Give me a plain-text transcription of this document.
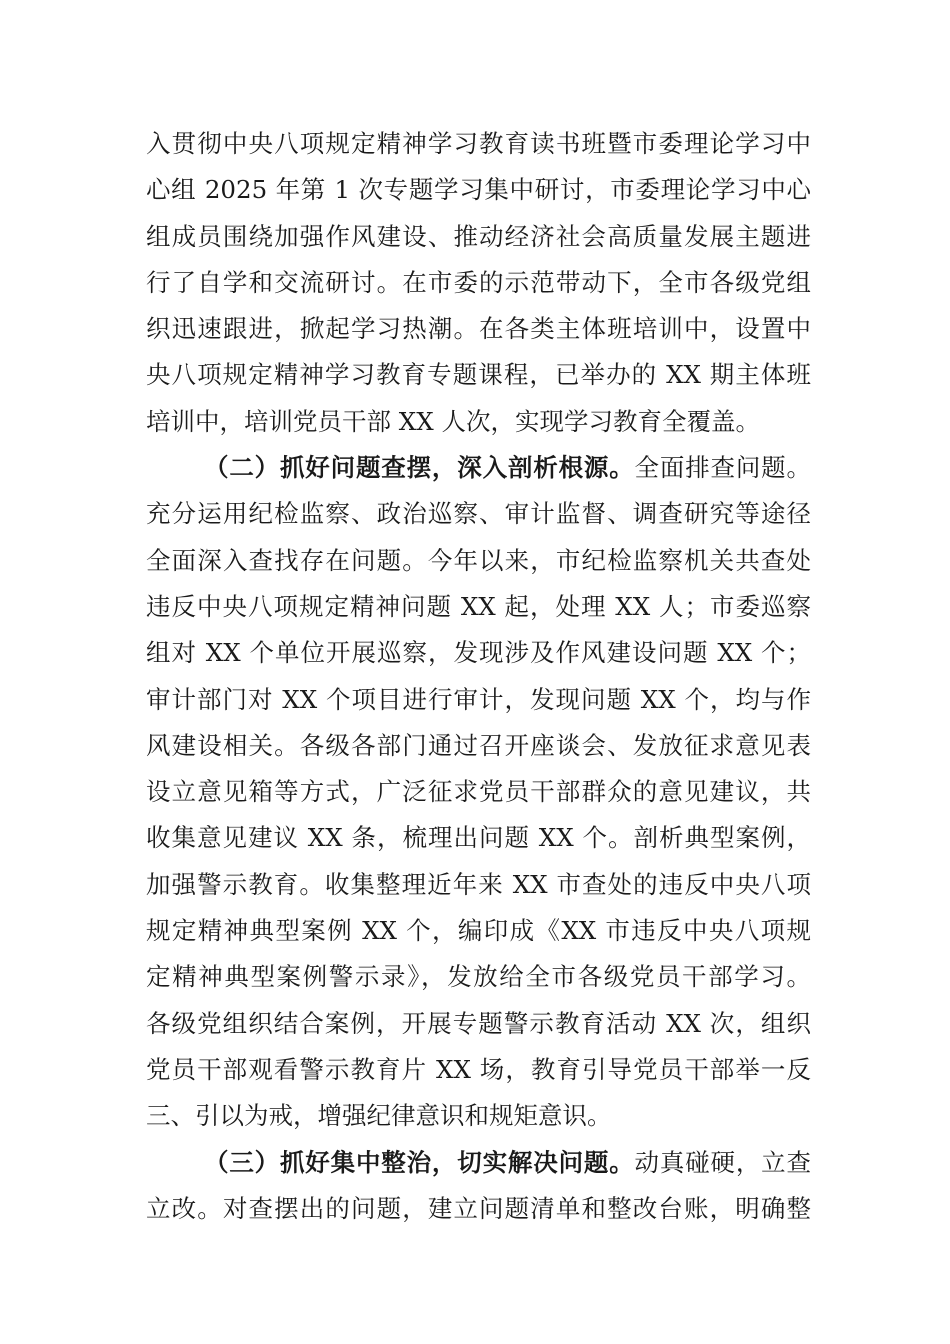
入贯彻中央八项规定精神学习教育读书班暨市委理论学习中
心组 2025 年第 1 次专题学习集中研讨，市委理论学习中心
组成员围绕加强作风建设、推动经济社会高质量发展主题进
行了自学和交流研讨。在市委的示范带动下，全市各级党组
织迅速跟进，掀起学习热潮。在各类主体班培训中，设置中
央八项规定精神学习教育专题课程，已举办的 XX 期主体班
培训中，培训党员干部 XX 人次，实现学习教育全覆盖。
（二）抓好问题查摆，深入剖析根源。全面排查问题。
充分运用纪检监察、政治巡察、审计监督、调查研究等途径
全面深入查找存在问题。今年以来，市纪检监察机关共查处
违反中央八项规定精神问题 XX 起，处理 XX 人；市委巡察
组对 XX 个单位开展巡察，发现涉及作风建设问题 XX 个；
审计部门对 XX 个项目进行审计，发现问题 XX 个，均与作
风建设相关。各级各部门通过召开座谈会、发放征求意见表
设立意见箱等方式，广泛征求党员干部群众的意见建议，共
收集意见建议 XX 条，梳理出问题 XX 个。剖析典型案例，
加强警示教育。收集整理近年来 XX 市查处的违反中央八项
规定精神典型案例 XX 个，编印成《XX 市违反中央八项规
定精神典型案例警示录》，发放给全市各级党员干部学习。
各级党组织结合案例，开展专题警示教育活动 XX 次，组织
党员干部观看警示教育片 XX 场，教育引导党员干部举一反
三、引以为戒，增强纪律意识和规矩意识。
（三）抓好集中整治，切实解决问题。动真碰硬，立查
立改。对查摆出的问题，建立问题清单和整改台账，明确整
